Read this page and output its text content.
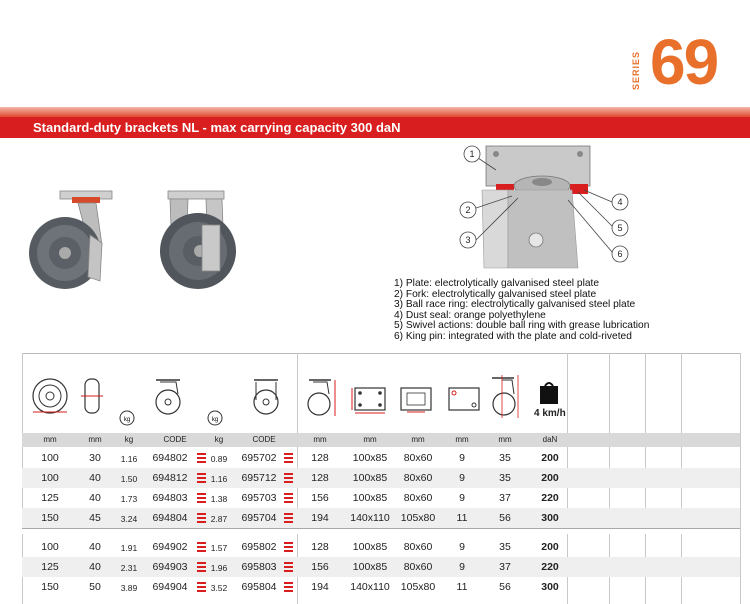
SERIES 69
Standard-duty brackets NL - max carrying capacity 300 daN
1
2
3
4
5
6
1) Plate: electrolytically galvanised steel plate
2) Fork: electrolytically galvanised steel plate
3) Ball race ring: electrolytically galvanised steel plate
4) Dust seal: orange polyethylene
5) Swivel actions: double ball ring with grease lubrication
6) King pin: integrated with the plate and cold-riveted
kg	kg
4 km/h
mm	mm	kg	CODE	kg	CODE	mm	mm	mm	mm	mm	daN
100	30	1.16	694802	0.89	695702	128	100x85	80x60	9	35	200
100	40	1.50	694812	1.16	695712	128	100x85	80x60	9	35	200
125	40	1.73	694803	1.38	695703	156	100x85	80x60	9	37	220
150	45	3.24	694804	2.87	695704	194	140x110	105x80	11	56	300
100	40	1.91	694902	1.57	695802	128	100x85	80x60	9	35	200
125	40	2.31	694903	1.96	695803	156	100x85	80x60	9	37	220
150	50	3.89	694904	3.52	695804	194	140x110	105x80	11	56	300
